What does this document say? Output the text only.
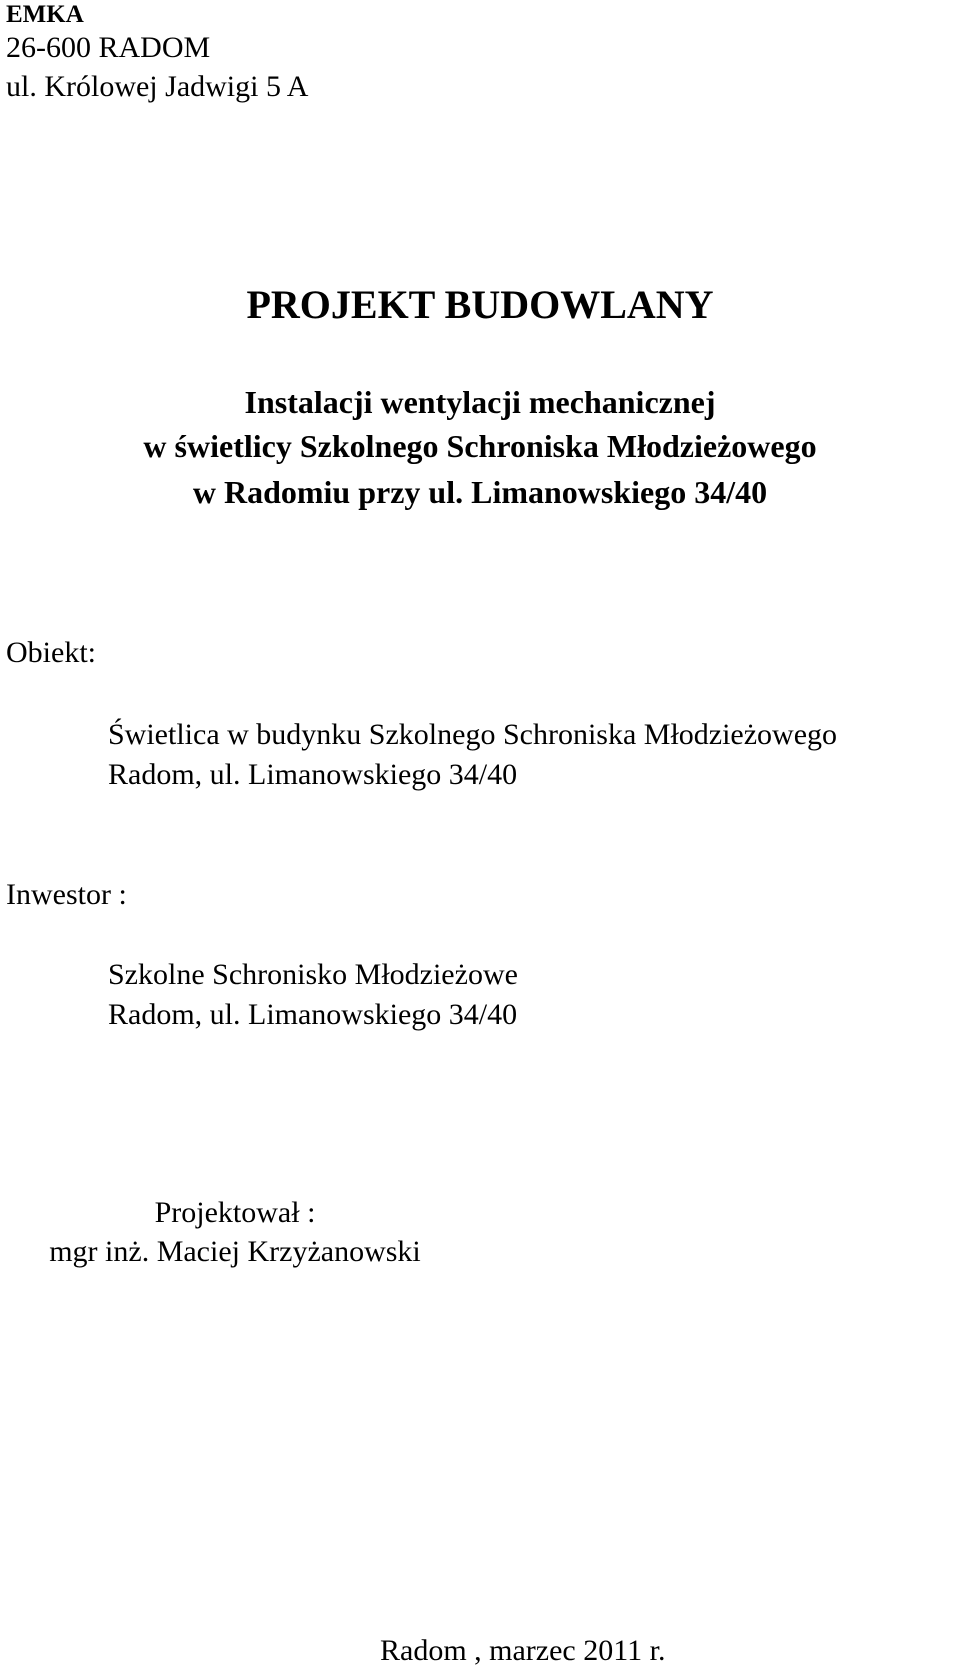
EMKA
26-600 RADOM
ul. Królowej Jadwigi 5 A
PROJEKT BUDOWLANY
Instalacji wentylacji mechanicznej
w świetlicy Szkolnego Schroniska Młodzieżowego
w Radomiu przy ul. Limanowskiego 34/40
Obiekt:
Świetlica w budynku Szkolnego Schroniska Młodzieżowego
Radom, ul. Limanowskiego 34/40
Inwestor :
Szkolne Schronisko Młodzieżowe
Radom, ul. Limanowskiego 34/40
Projektował :
mgr inż. Maciej Krzyżanowski
Radom , marzec 2011 r.
